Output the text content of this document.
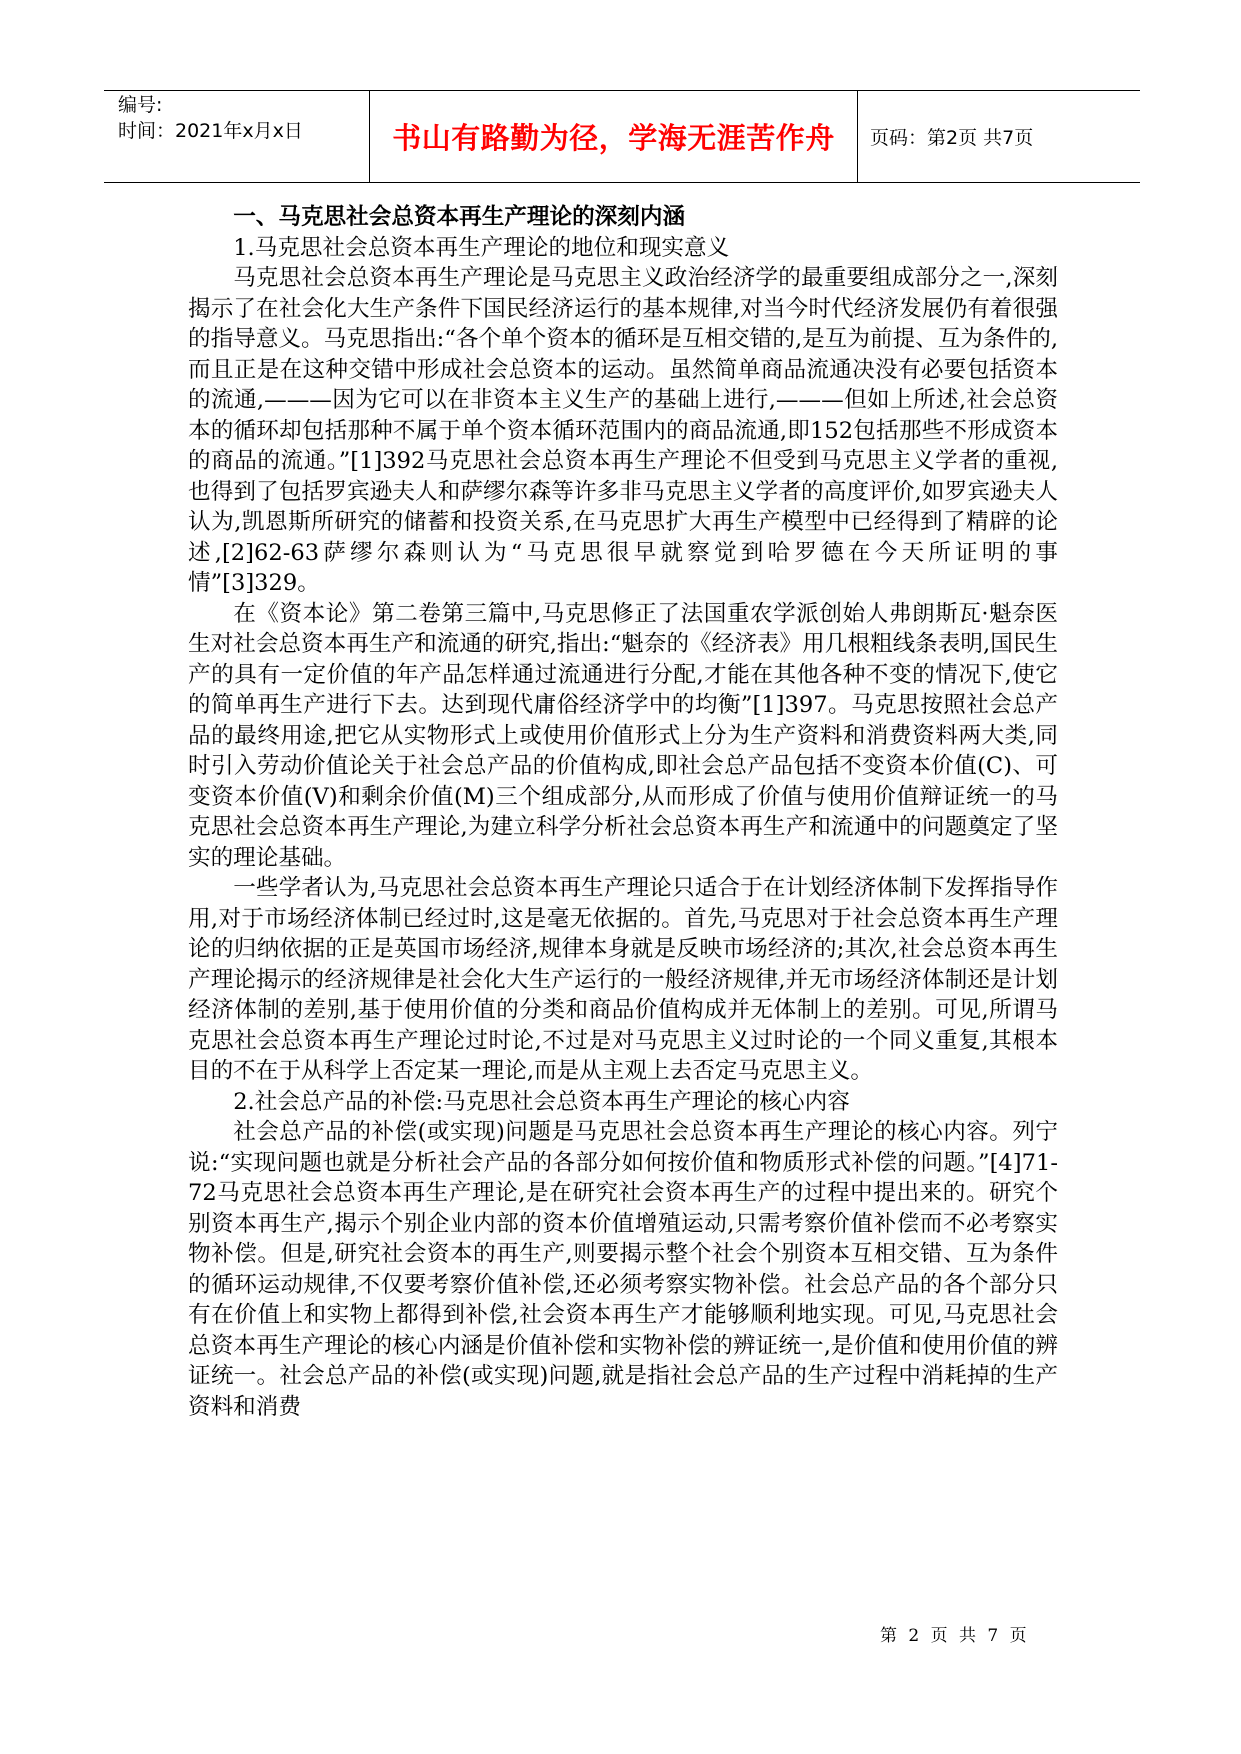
编号:
时间：2021年x月x日	书山有路勤为径，学海无涯苦作舟 页码：第2页 共7页

一、马克思社会总资本再生产理论的深刻内涵

1.马克思社会总资本再生产理论的地位和现实意义

马克思社会总资本再生产理论是马克思主义政治经济学的最重要组成部分之一,深刻揭示了在社会化大生产条件下国民经济运行的基本规律,对当今时代经济发展仍有着很强的指导意义。马克思指出:“各个单个资本的循环是互相交错的,是互为前提、互为条件的,而且正是在这种交错中形成社会总资本的运动。虽然简单商品流通决没有必要包括资本的流通,———因为它可以在非资本主义生产的基础上进行,———但如上所述,社会总资本的循环却包括那种不属于单个资本循环范围内的商品流通,即152包括那些不形成资本的商品的流通。”[1]392马克思社会总资本再生产理论不但受到马克思主义学者的重视,也得到了包括罗宾逊夫人和萨缪尔森等许多非马克思主义学者的高度评价,如罗宾逊夫人认为,凯恩斯所研究的储蓄和投资关系,在马克思扩大再生产模型中已经得到了精辟的论述,[2]62-63萨缪尔森则认为“马克思很早就察觉到哈罗德在今天所证明的事情”[3]329。

在《资本论》第二卷第三篇中,马克思修正了法国重农学派创始人弗朗斯瓦·魁奈医生对社会总资本再生产和流通的研究,指出:“魁奈的《经济表》用几根粗线条表明,国民生产的具有一定价值的年产品怎样通过流通进行分配,才能在其他各种不变的情况下,使它的简单再生产进行下去。达到现代庸俗经济学中的均衡”[1]397。马克思按照社会总产品的最终用途,把它从实物形式上或使用价值形式上分为生产资料和消费资料两大类,同时引入劳动价值论关于社会总产品的价值构成,即社会总产品包括不变资本价值(C)、可变资本价值(V)和剩余价值(M)三个组成部分,从而形成了价值与使用价值辩证统一的马克思社会总资本再生产理论,为建立科学分析社会总资本再生产和流通中的问题奠定了坚实的理论基础。

一些学者认为,马克思社会总资本再生产理论只适合于在计划经济体制下发挥指导作用,对于市场经济体制已经过时,这是毫无依据的。首先,马克思对于社会总资本再生产理论的归纳依据的正是英国市场经济,规律本身就是反映市场经济的;其次,社会总资本再生产理论揭示的经济规律是社会化大生产运行的一般经济规律,并无市场经济体制还是计划经济体制的差别,基于使用价值的分类和商品价值构成并无体制上的差别。可见,所谓马克思社会总资本再生产理论过时论,不过是对马克思主义过时论的一个同义重复,其根本目的不在于从科学上否定某一理论,而是从主观上去否定马克思主义。

2.社会总产品的补偿:马克思社会总资本再生产理论的核心内容

社会总产品的补偿(或实现)问题是马克思社会总资本再生产理论的核心内容。列宁说:“实现问题也就是分析社会产品的各部分如何按价值和物质形式补偿的问题。”[4]71-72马克思社会总资本再生产理论,是在研究社会资本再生产的过程中提出来的。研究个别资本再生产,揭示个别企业内部的资本价值增殖运动,只需考察价值补偿而不必考察实物补偿。但是,研究社会资本的再生产,则要揭示整个社会个别资本互相交错、互为条件的循环运动规律,不仅要考察价值补偿,还必须考察实物补偿。社会总产品的各个部分只有在价值上和实物上都得到补偿,社会资本再生产才能够顺利地实现。可见,马克思社会总资本再生产理论的核心内涵是价值补偿和实物补偿的辨证统一,是价值和使用价值的辨证统一。社会总产品的补偿(或实现)问题,就是指社会总产品的生产过程中消耗掉的生产资料和消费

第 2 页 共 7 页
